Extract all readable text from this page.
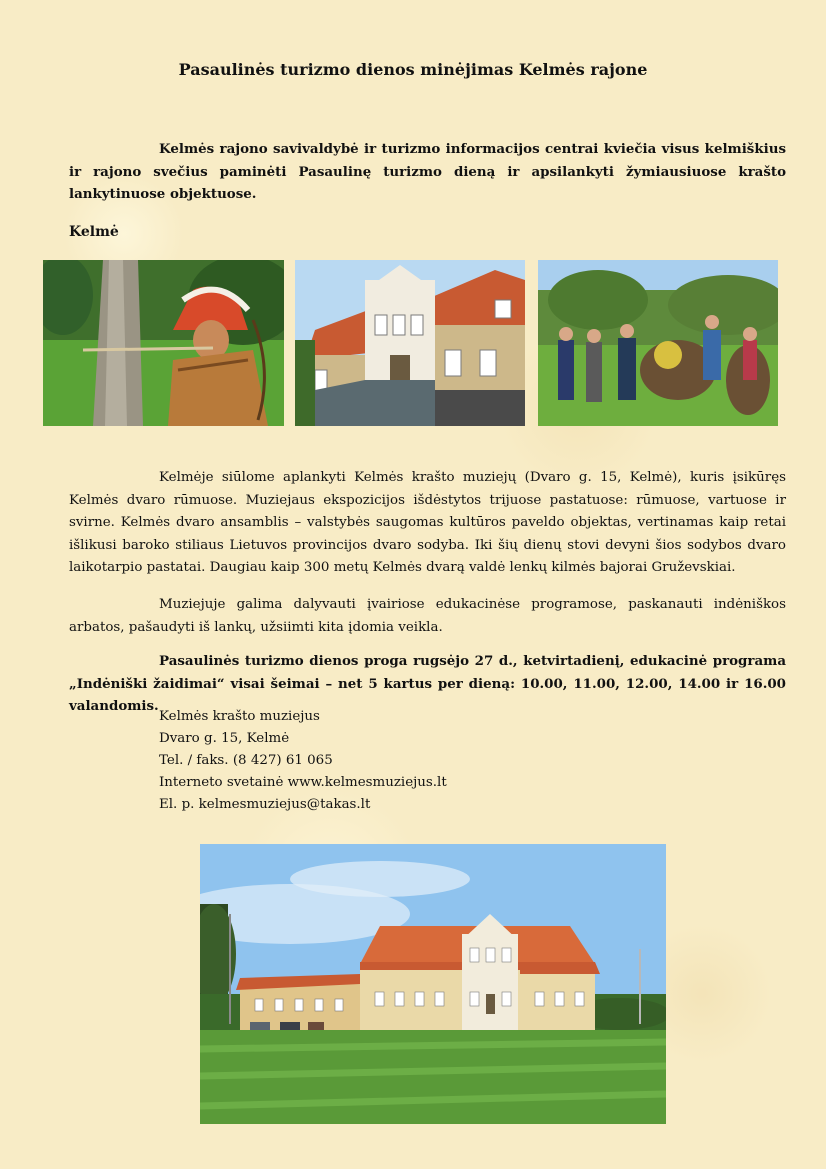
Pasaulinės turizmo dienos minėjimas Kelmės rajone

Kelmės rajono savivaldybė ir turizmo informacijos centrai kviečia visus kelmiškius ir rajono svečius paminėti Pasaulinę turizmo dieną ir apsilankyti žymiausiuose krašto lankytinuose objektuose.

Kelmė

Kelmėje siūlome aplankyti Kelmės krašto muziejų (Dvaro g. 15, Kelmė), kuris įsikūręs Kelmės dvaro rūmuose. Muziejaus ekspozicijos išdėstytos trijuose pastatuose: rūmuose, vartuose ir svirne. Kelmės dvaro ansamblis – valstybės saugomas kultūros paveldo objektas, vertinamas kaip retai išlikusi baroko stiliaus Lietuvos provincijos dvaro sodyba. Iki šių dienų stovi devyni šios sodybos dvaro laikotarpio pastatai. Daugiau kaip 300 metų Kelmės dvarą valdė lenkų kilmės bajorai Gruževskiai.

Muziejuje galima dalyvauti įvairiose edukacinėse programose, paskanauti indėniškos arbatos, pašaudyti iš lankų, užsiimti kita įdomia veikla.

Pasaulinės turizmo dienos proga rugsėjo 27 d., ketvirtadienį, edukacinė programa „Indėniški žaidimai“ visai šeimai – net 5 kartus per dieną: 10.00, 11.00, 12.00, 14.00 ir 16.00 valandomis.

Kelmės krašto muziejus
Dvaro g. 15, Kelmė
Tel. / faks. (8 427) 61 065
Interneto svetainė www.kelmesmuziejus.lt
El. p. kelmesmuziejus@takas.lt
